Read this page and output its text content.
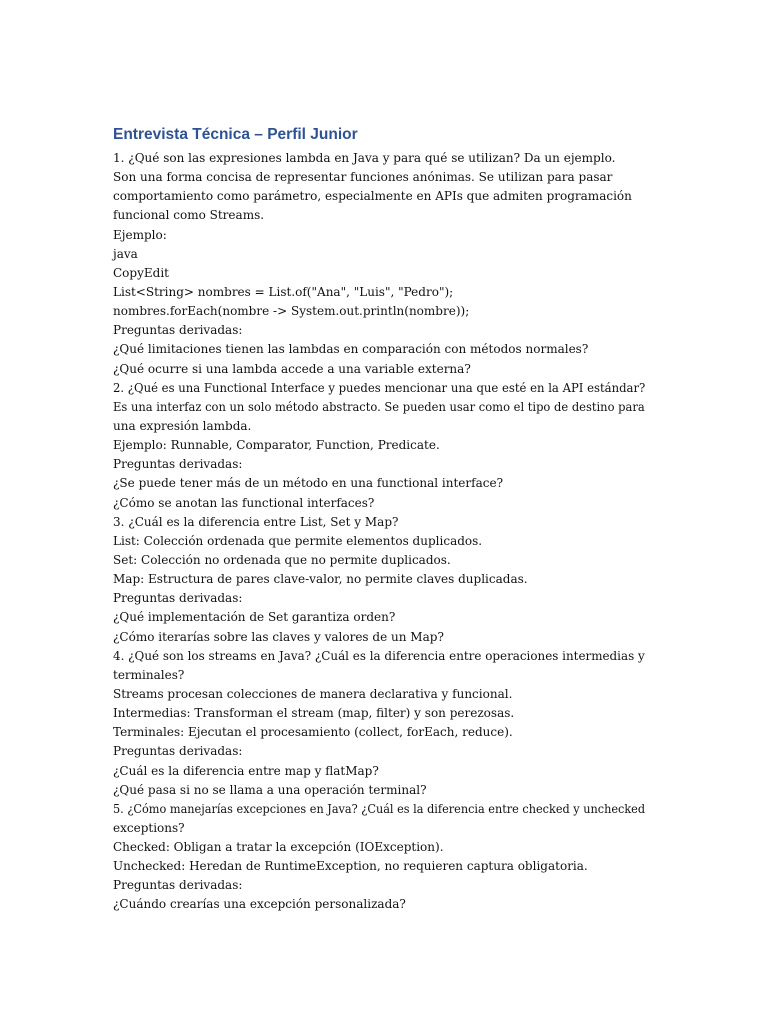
Entrevista Técnica – Perfil Junior
1. ¿Qué son las expresiones lambda en Java y para qué se utilizan? Da un ejemplo.
Son una forma concisa de representar funciones anónimas. Se utilizan para pasar
comportamiento como parámetro, especialmente en APIs que admiten programación
funcional como Streams.
Ejemplo:
java
CopyEdit
List<String> nombres = List.of("Ana", "Luis", "Pedro");
nombres.forEach(nombre -> System.out.println(nombre));
Preguntas derivadas:
¿Qué limitaciones tienen las lambdas en comparación con métodos normales?
¿Qué ocurre si una lambda accede a una variable externa?
2. ¿Qué es una Functional Interface y puedes mencionar una que esté en la API estándar?
Es una interfaz con un solo método abstracto. Se pueden usar como el tipo de destino para
una expresión lambda.
Ejemplo: Runnable, Comparator, Function, Predicate.
Preguntas derivadas:
¿Se puede tener más de un método en una functional interface?
¿Cómo se anotan las functional interfaces?
3. ¿Cuál es la diferencia entre List, Set y Map?
List: Colección ordenada que permite elementos duplicados.
Set: Colección no ordenada que no permite duplicados.
Map: Estructura de pares clave-valor, no permite claves duplicadas.
Preguntas derivadas:
¿Qué implementación de Set garantiza orden?
¿Cómo iterarías sobre las claves y valores de un Map?
4. ¿Qué son los streams en Java? ¿Cuál es la diferencia entre operaciones intermedias y
terminales?
Streams procesan colecciones de manera declarativa y funcional.
Intermedias: Transforman el stream (map, filter) y son perezosas.
Terminales: Ejecutan el procesamiento (collect, forEach, reduce).
Preguntas derivadas:
¿Cuál es la diferencia entre map y flatMap?
¿Qué pasa si no se llama a una operación terminal?
5. ¿Cómo manejarías excepciones en Java? ¿Cuál es la diferencia entre checked y unchecked
exceptions?
Checked: Obligan a tratar la excepción (IOException).
Unchecked: Heredan de RuntimeException, no requieren captura obligatoria.
Preguntas derivadas:
¿Cuándo crearías una excepción personalizada?
